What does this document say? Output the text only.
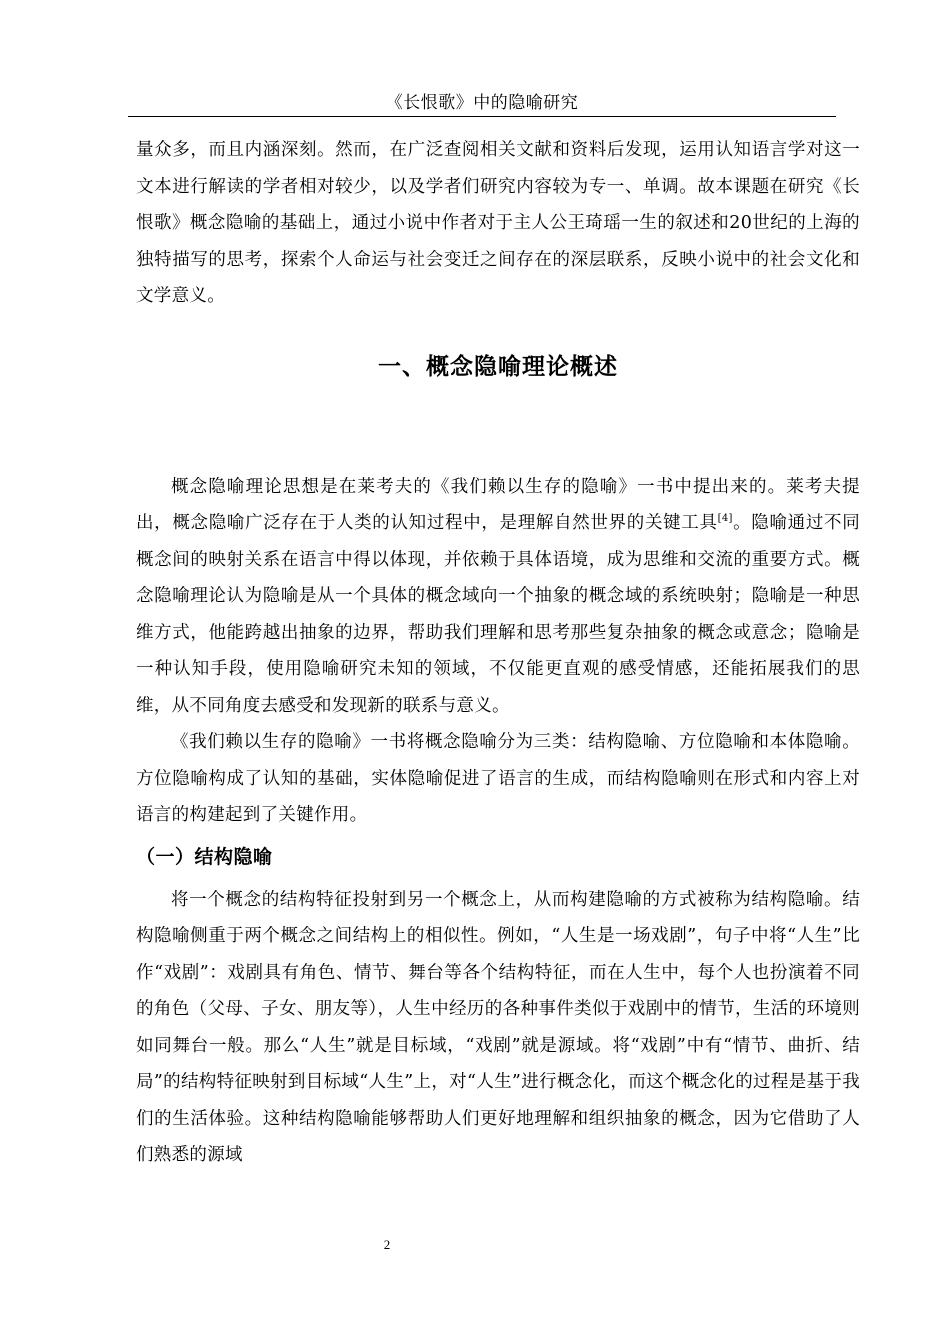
《长恨歌》中的隐喻研究

量众多，而且内涵深刻。然而，在广泛查阅相关文献和资料后发现，运用认知语言学对这一文本进行解读的学者相对较少，以及学者们研究内容较为专一、单调。故本课题在研究《长恨歌》概念隐喻的基础上，通过小说中作者对于主人公王琦瑶一生的叙述和20世纪的上海的独特描写的思考，探索个人命运与社会变迁之间存在的深层联系，反映小说中的社会文化和文学意义。

一、概念隐喻理论概述

概念隐喻理论思想是在莱考夫的《我们赖以生存的隐喻》一书中提出来的。莱考夫提出，概念隐喻广泛存在于人类的认知过程中，是理解自然世界的关键工具[4]。隐喻通过不同概念间的映射关系在语言中得以体现，并依赖于具体语境，成为思维和交流的重要方式。概念隐喻理论认为隐喻是从一个具体的概念域向一个抽象的概念域的系统映射；隐喻是一种思维方式，他能跨越出抽象的边界，帮助我们理解和思考那些复杂抽象的概念或意念；隐喻是一种认知手段，使用隐喻研究未知的领域，不仅能更直观的感受情感，还能拓展我们的思维，从不同角度去感受和发现新的联系与意义。

《我们赖以生存的隐喻》一书将概念隐喻分为三类：结构隐喻、方位隐喻和本体隐喻。方位隐喻构成了认知的基础，实体隐喻促进了语言的生成，而结构隐喻则在形式和内容上对语言的构建起到了关键作用。

（一）结构隐喻

将一个概念的结构特征投射到另一个概念上，从而构建隐喻的方式被称为结构隐喻。结构隐喻侧重于两个概念之间结构上的相似性。例如，“人生是一场戏剧”，句子中将“人生”比作“戏剧”：戏剧具有角色、情节、舞台等各个结构特征，而在人生中，每个人也扮演着不同的角色（父母、子女、朋友等），人生中经历的各种事件类似于戏剧中的情节，生活的环境则如同舞台一般。那么“人生”就是目标域，“戏剧”就是源域。将“戏剧”中有“情节、曲折、结局”的结构特征映射到目标域“人生”上，对“人生”进行概念化，而这个概念化的过程是基于我们的生活体验。这种结构隐喻能够帮助人们更好地理解和组织抽象的概念，因为它借助了人们熟悉的源域

2
